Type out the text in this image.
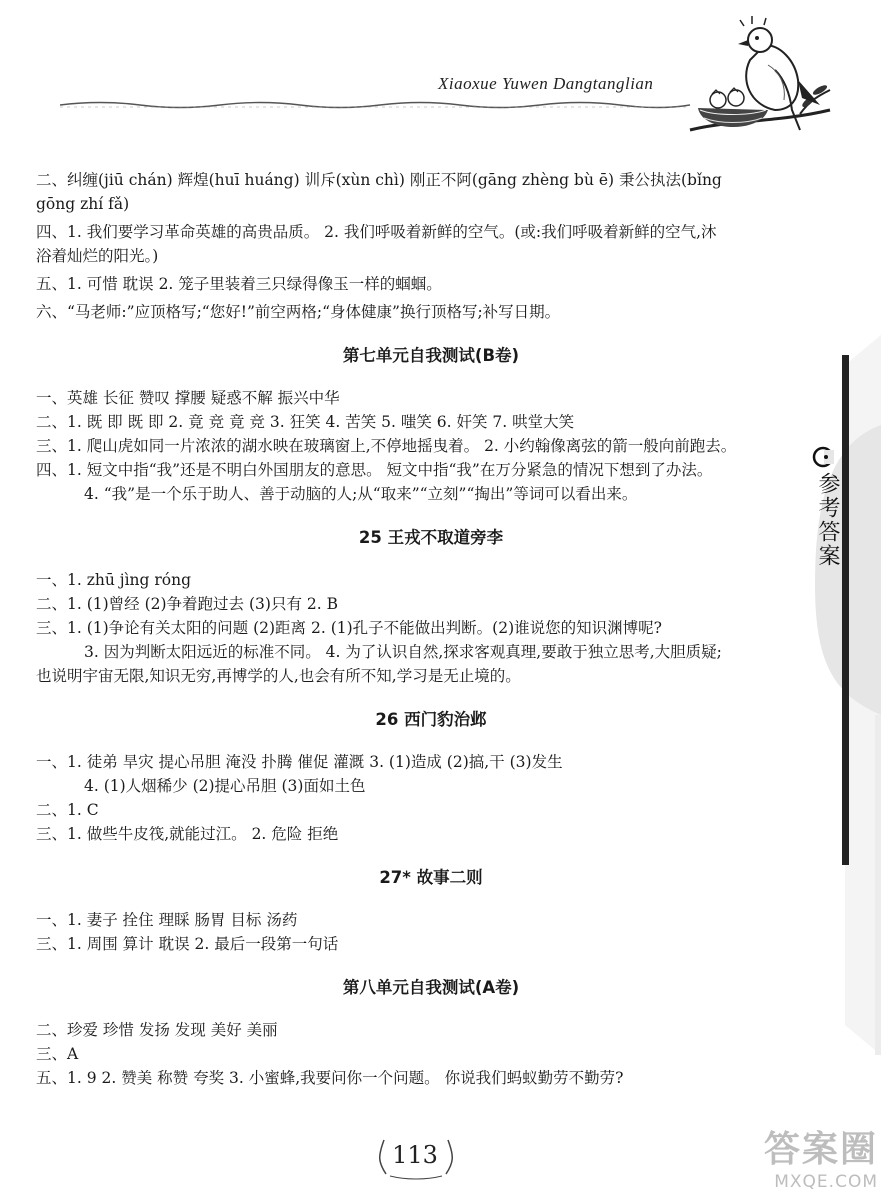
Xiaoxue Yuwen Dangtanglian
参考答案

二、纠缠(jiū chán) 辉煌(huī huáng) 训斥(xùn chì) 刚正不阿(gāng zhèng bù ē) 秉公执法(bǐng

gōng zhí fǎ)

四、1. 我们要学习革命英雄的高贵品质。 2. 我们呼吸着新鲜的空气。(或:我们呼吸着新鲜的空气,沐

浴着灿烂的阳光。)

五、1. 可惜 耽误 2. 笼子里装着三只绿得像玉一样的蝈蝈。

六、“马老师:”应顶格写;“您好!”前空两格;“身体健康”换行顶格写;补写日期。

第七单元自我测试(B卷)

一、英雄 长征 赞叹 撑腰 疑惑不解 振兴中华

二、1. 既 即 既 即 2. 竟 竞 竟 竞 3. 狂笑 4. 苦笑 5. 嗤笑 6. 奸笑 7. 哄堂大笑

三、1. 爬山虎如同一片浓浓的湖水映在玻璃窗上,不停地摇曳着。 2. 小约翰像离弦的箭一般向前跑去。

四、1. 短文中指“我”还是不明白外国朋友的意思。 短文中指“我”在万分紧急的情况下想到了办法。

4. “我”是一个乐于助人、善于动脑的人;从“取来”“立刻”“掏出”等词可以看出来。

25 王戎不取道旁李

一、1. zhū jìng róng

二、1. (1)曾经 (2)争着跑过去 (3)只有 2. B

三、1. (1)争论有关太阳的问题 (2)距离 2. (1)孔子不能做出判断。(2)谁说您的知识渊博呢?

3. 因为判断太阳远近的标准不同。 4. 为了认识自然,探求客观真理,要敢于独立思考,大胆质疑;

也说明宇宙无限,知识无穷,再博学的人,也会有所不知,学习是无止境的。

26 西门豹治邺

一、1. 徒弟 旱灾 提心吊胆 淹没 扑腾 催促 灌溉 3. (1)造成 (2)搞,干 (3)发生

4. (1)人烟稀少 (2)提心吊胆 (3)面如土色

二、1. C

三、1. 做些牛皮筏,就能过江。 2. 危险 拒绝

27* 故事二则

一、1. 妻子 拴住 理睬 肠胃 目标 汤药

三、1. 周围 算计 耽误 2. 最后一段第一句话

第八单元自我测试(A卷)

二、珍爱 珍惜 发扬 发现 美好 美丽

三、A

五、1. 9 2. 赞美 称赞 夸奖 3. 小蜜蜂,我要问你一个问题。 你说我们蚂蚁勤劳不勤劳?

113	答案圈
MXQE.COM
